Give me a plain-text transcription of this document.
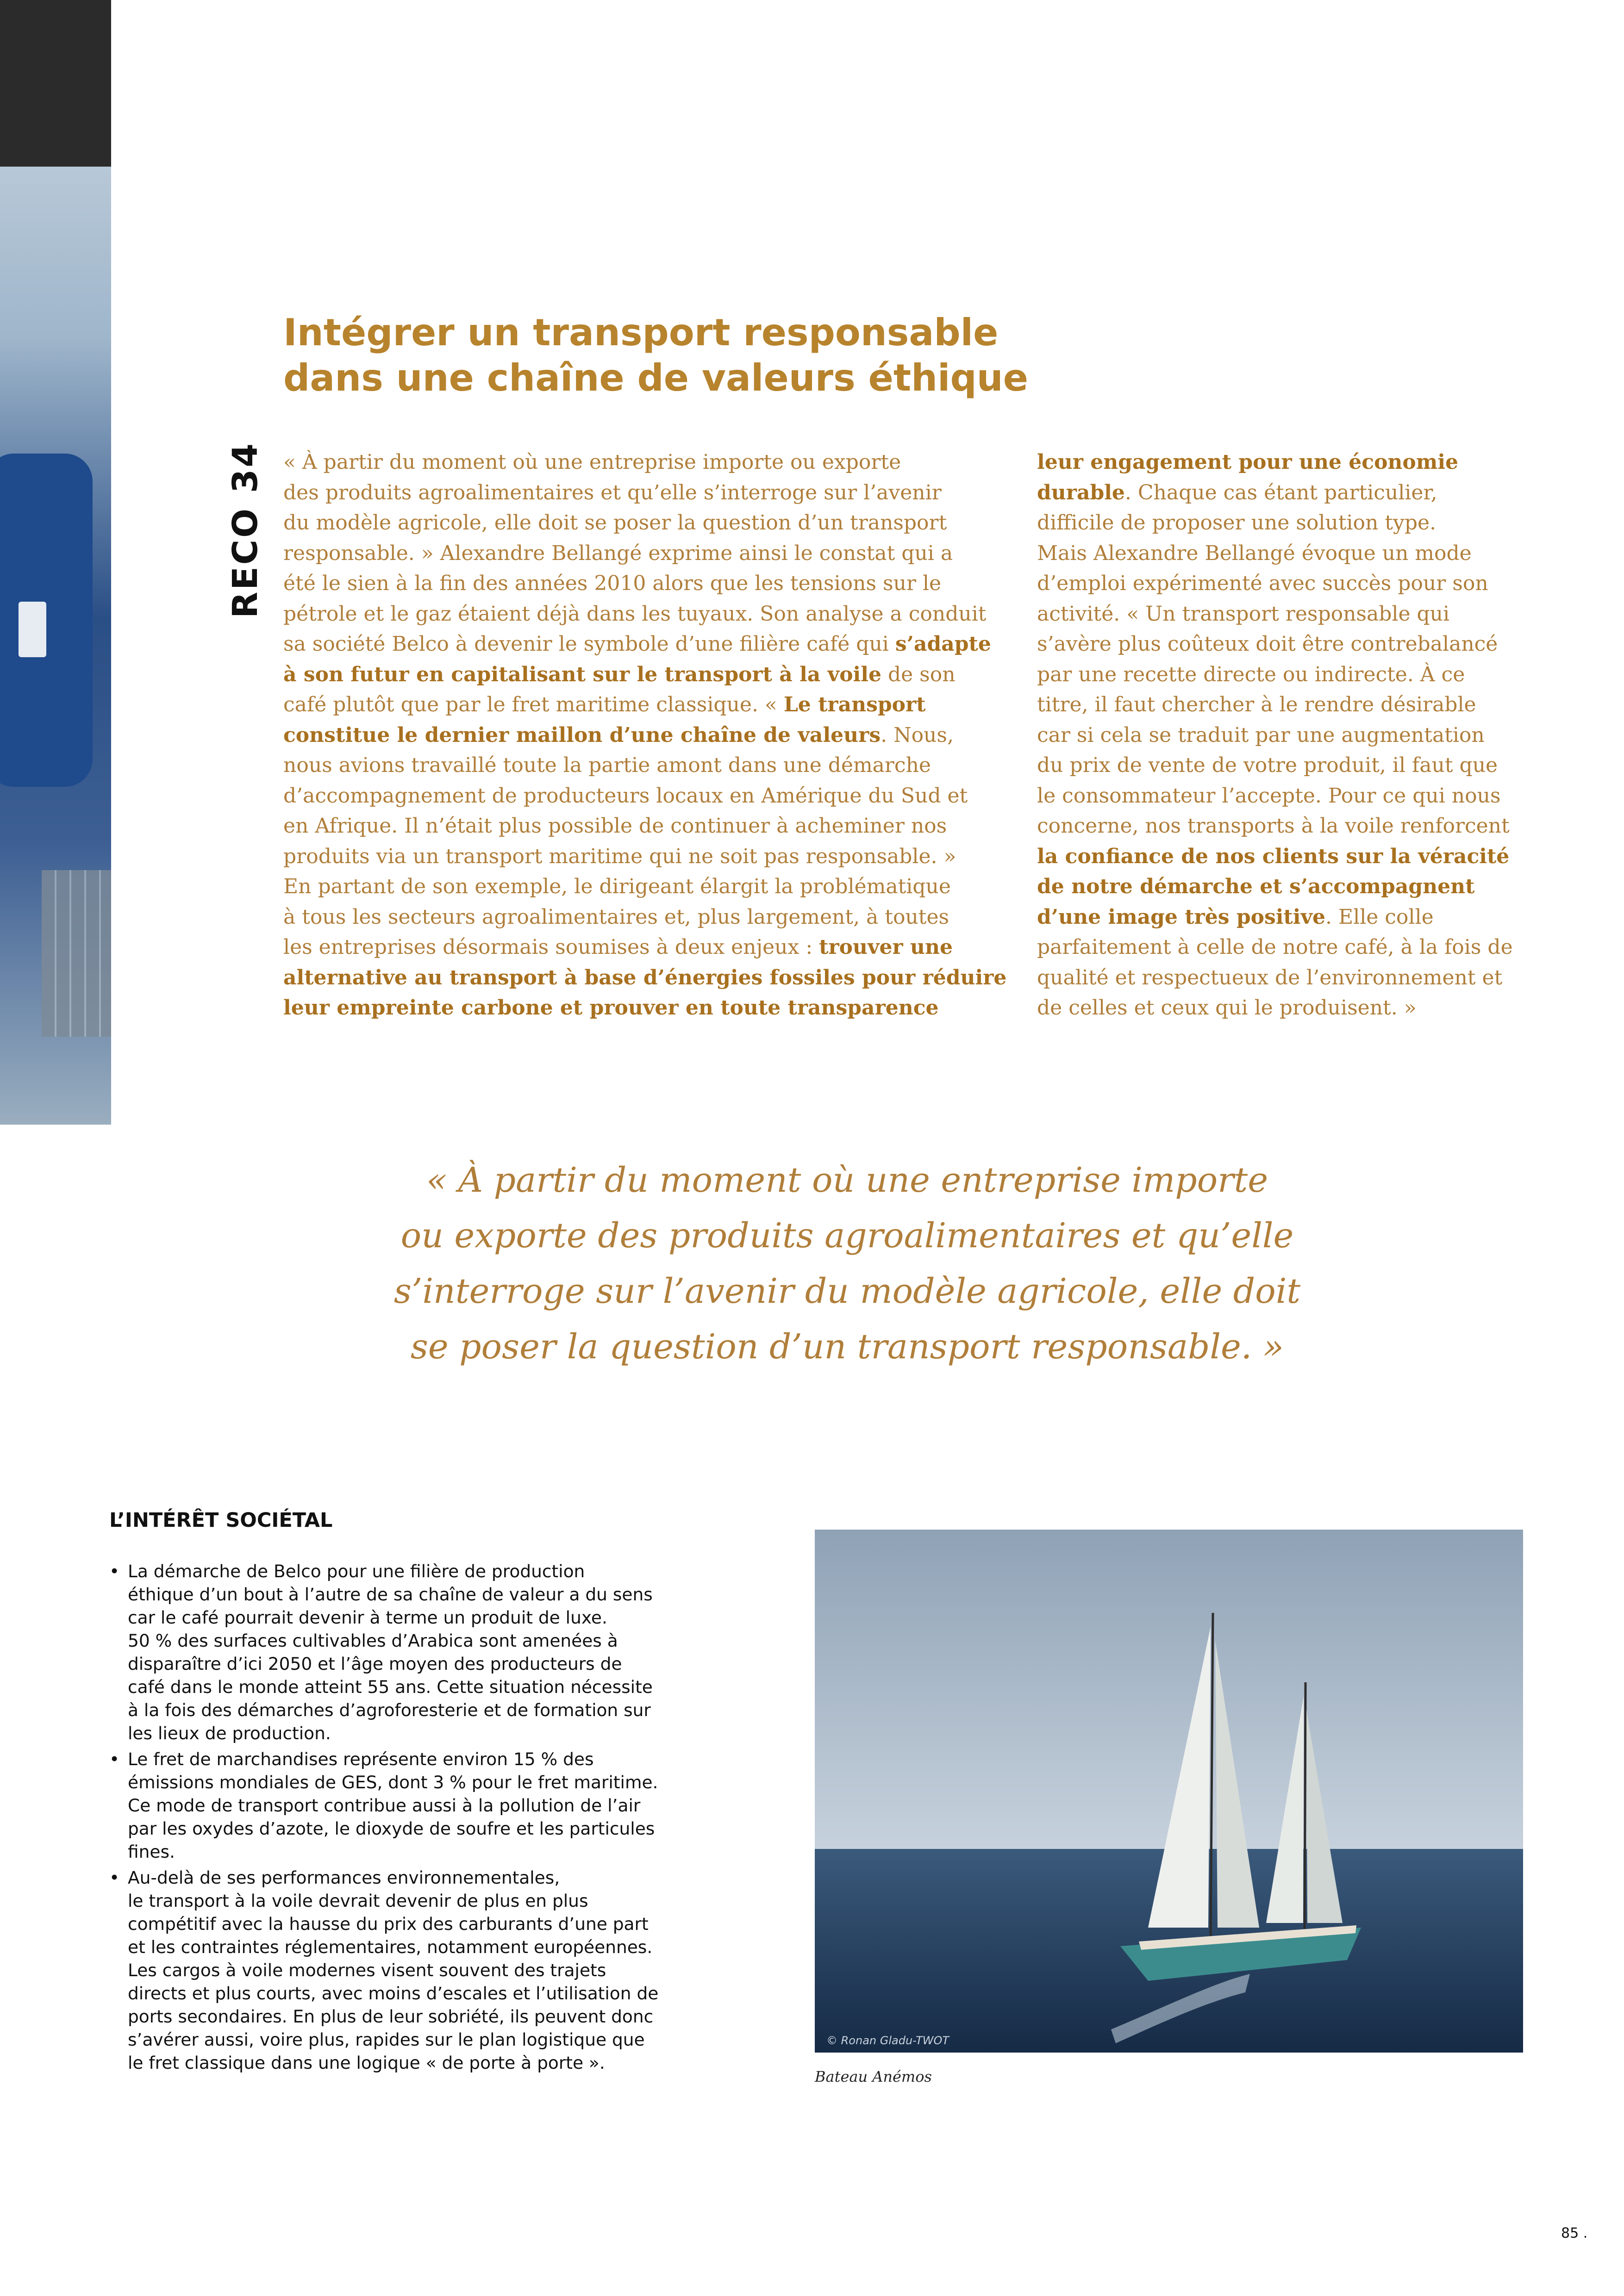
Intégrer un transport responsable
dans une chaîne de valeurs éthique
RECO 34 « À partir du moment où une entreprise importe ou exporte
des produits agroalimentaires et qu’elle s’interroge sur l’avenir
du modèle agricole, elle doit se poser la question d’un transport
responsable. » Alexandre Bellangé exprime ainsi le constat qui a
été le sien à la fin des années 2010 alors que les tensions sur le
pétrole et le gaz étaient déjà dans les tuyaux. Son analyse a conduit
sa société Belco à devenir le symbole d’une filière café qui s’adapte
à son futur en capitalisant sur le transport à la voile de son
café plutôt que par le fret maritime classique. « Le transport
constitue le dernier maillon d’une chaîne de valeurs. Nous,
nous avions travaillé toute la partie amont dans une démarche
d’accompagnement de producteurs locaux en Amérique du Sud et
en Afrique. Il n’était plus possible de continuer à acheminer nos
produits via un transport maritime qui ne soit pas responsable. »
En partant de son exemple, le dirigeant élargit la problématique
à tous les secteurs agroalimentaires et, plus largement, à toutes
les entreprises désormais soumises à deux enjeux : trouver une
alternative au transport à base d’énergies fossiles pour réduire
leur empreinte carbone et prouver en toute transparence
leur engagement pour une économie
durable. Chaque cas étant particulier,
difficile de proposer une solution type.
Mais Alexandre Bellangé évoque un mode
d’emploi expérimenté avec succès pour son
activité. « Un transport responsable qui
s’avère plus coûteux doit être contrebalancé
par une recette directe ou indirecte. À ce
titre, il faut chercher à le rendre désirable
car si cela se traduit par une augmentation
du prix de vente de votre produit, il faut que
le consommateur l’accepte. Pour ce qui nous
concerne, nos transports à la voile renforcent
la confiance de nos clients sur la véracité
de notre démarche et s’accompagnent
d’une image très positive. Elle colle
parfaitement à celle de notre café, à la fois de
qualité et respectueux de l’environnement et
de celles et ceux qui le produisent. »
« À partir du moment où une entreprise importe
ou exporte des produits agroalimentaires et qu’elle
s’interroge sur l’avenir du modèle agricole, elle doit
se poser la question d’un transport responsable. »
L’INTÉRÊT SOCIÉTAL
• La démarche de Belco pour une filière de production
éthique d’un bout à l’autre de sa chaîne de valeur a du sens
car le café pourrait devenir à terme un produit de luxe.
50 % des surfaces cultivables d’Arabica sont amenées à
disparaître d’ici 2050 et l’âge moyen des producteurs de
café dans le monde atteint 55 ans. Cette situation nécessite
à la fois des démarches d’agroforesterie et de formation sur
les lieux de production.
• Le fret de marchandises représente environ 15 % des
émissions mondiales de GES, dont 3 % pour le fret maritime.
Ce mode de transport contribue aussi à la pollution de l’air
par les oxydes d’azote, le dioxyde de soufre et les particules
fines.
• Au-delà de ses performances environnementales,
le transport à la voile devrait devenir de plus en plus
compétitif avec la hausse du prix des carburants d’une part
et les contraintes réglementaires, notamment européennes.
Les cargos à voile modernes visent souvent des trajets
directs et plus courts, avec moins d’escales et l’utilisation de
ports secondaires. En plus de leur sobriété, ils peuvent donc
s’avérer aussi, voire plus, rapides sur le plan logistique que
le fret classique dans une logique « de porte à porte ».
© Ronan Gladu-TWOT
Bateau Anémos
85 .
